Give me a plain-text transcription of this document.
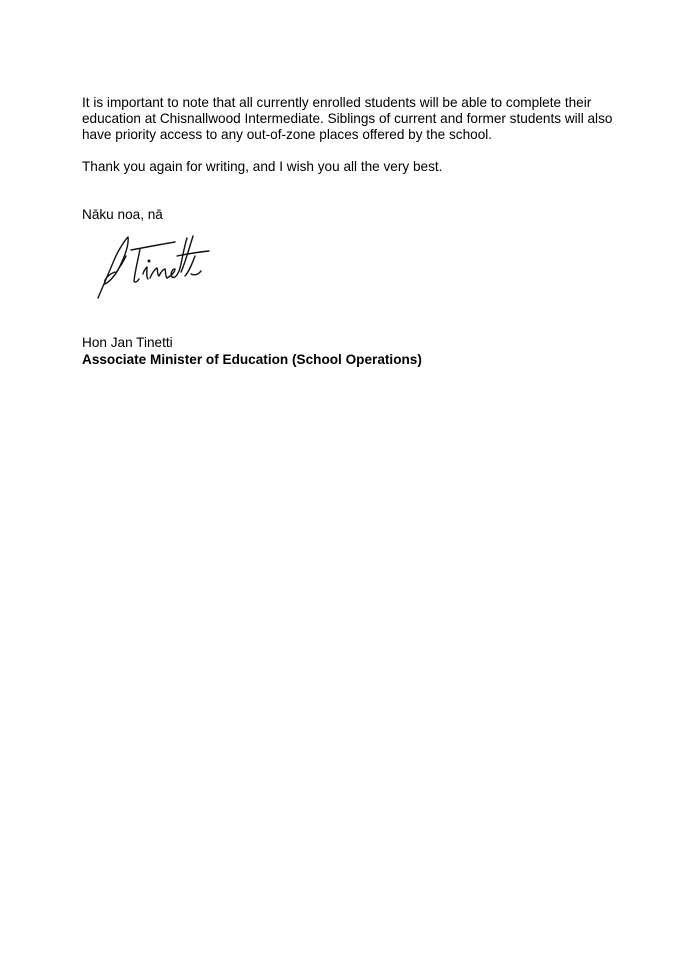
It is important to note that all currently enrolled students will be able to complete their education at Chisnallwood Intermediate. Siblings of current and former students will also have priority access to any out-of-zone places offered by the school.

Thank you again for writing, and I wish you all the very best.

Nāku noa, nā

Hon Jan Tinetti
Associate Minister of Education (School Operations)
